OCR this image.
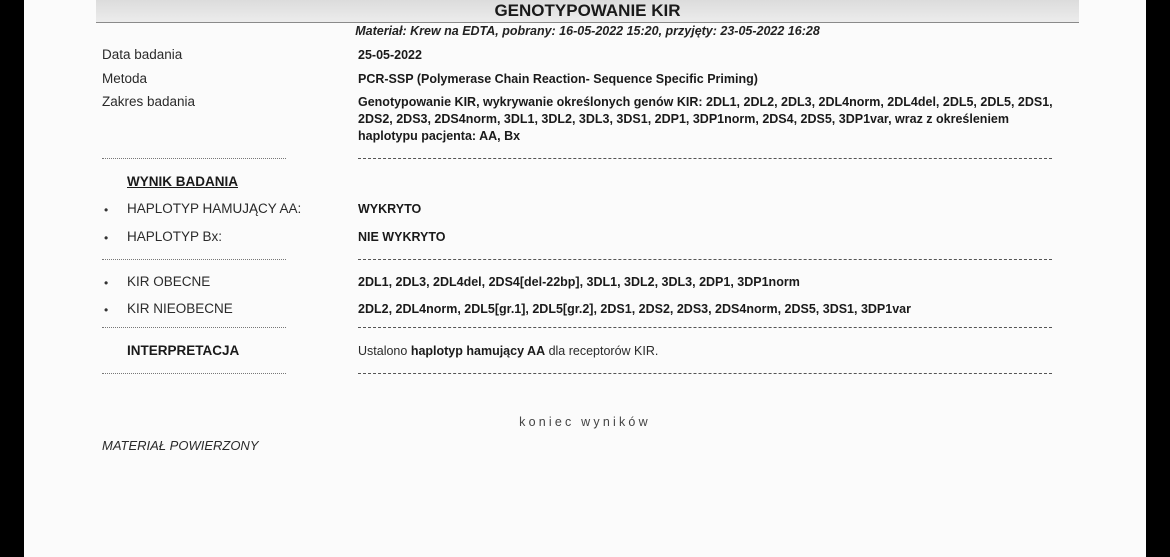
GENOTYPOWANIE KIR
Materiał: Krew na EDTA, pobrany: 16-05-2022 15:20, przyjęty: 23-05-2022 16:28
Data badania	25-05-2022
Metoda	PCR-SSP (Polymerase Chain Reaction- Sequence Specific Priming)
Zakres badania	Genotypowanie KIR, wykrywanie określonych genów KIR: 2DL1, 2DL2, 2DL3, 2DL4norm, 2DL4del, 2DL5, 2DL5, 2DS1, 2DS2, 2DS3, 2DS4norm, 3DL1, 3DL2, 3DL3, 3DS1, 2DP1, 3DP1norm, 2DS4, 2DS5, 3DP1var, wraz z określeniem haplotypu pacjenta: AA, Bx
WYNIK BADANIA
• HAPLOTYP HAMUJĄCY AA:	WYKRYTO
• HAPLOTYP Bx:	NIE WYKRYTO
• KIR OBECNE	2DL1, 2DL3, 2DL4del, 2DS4[del-22bp], 3DL1, 3DL2, 3DL3, 2DP1, 3DP1norm
• KIR NIEOBECNE	2DL2, 2DL4norm, 2DL5[gr.1], 2DL5[gr.2], 2DS1, 2DS2, 2DS3, 2DS4norm, 2DS5, 3DS1, 3DP1var
INTERPRETACJA	Ustalono haplotyp hamujący AA dla receptorów KIR.
koniec wyników
MATERIAŁ POWIERZONY
